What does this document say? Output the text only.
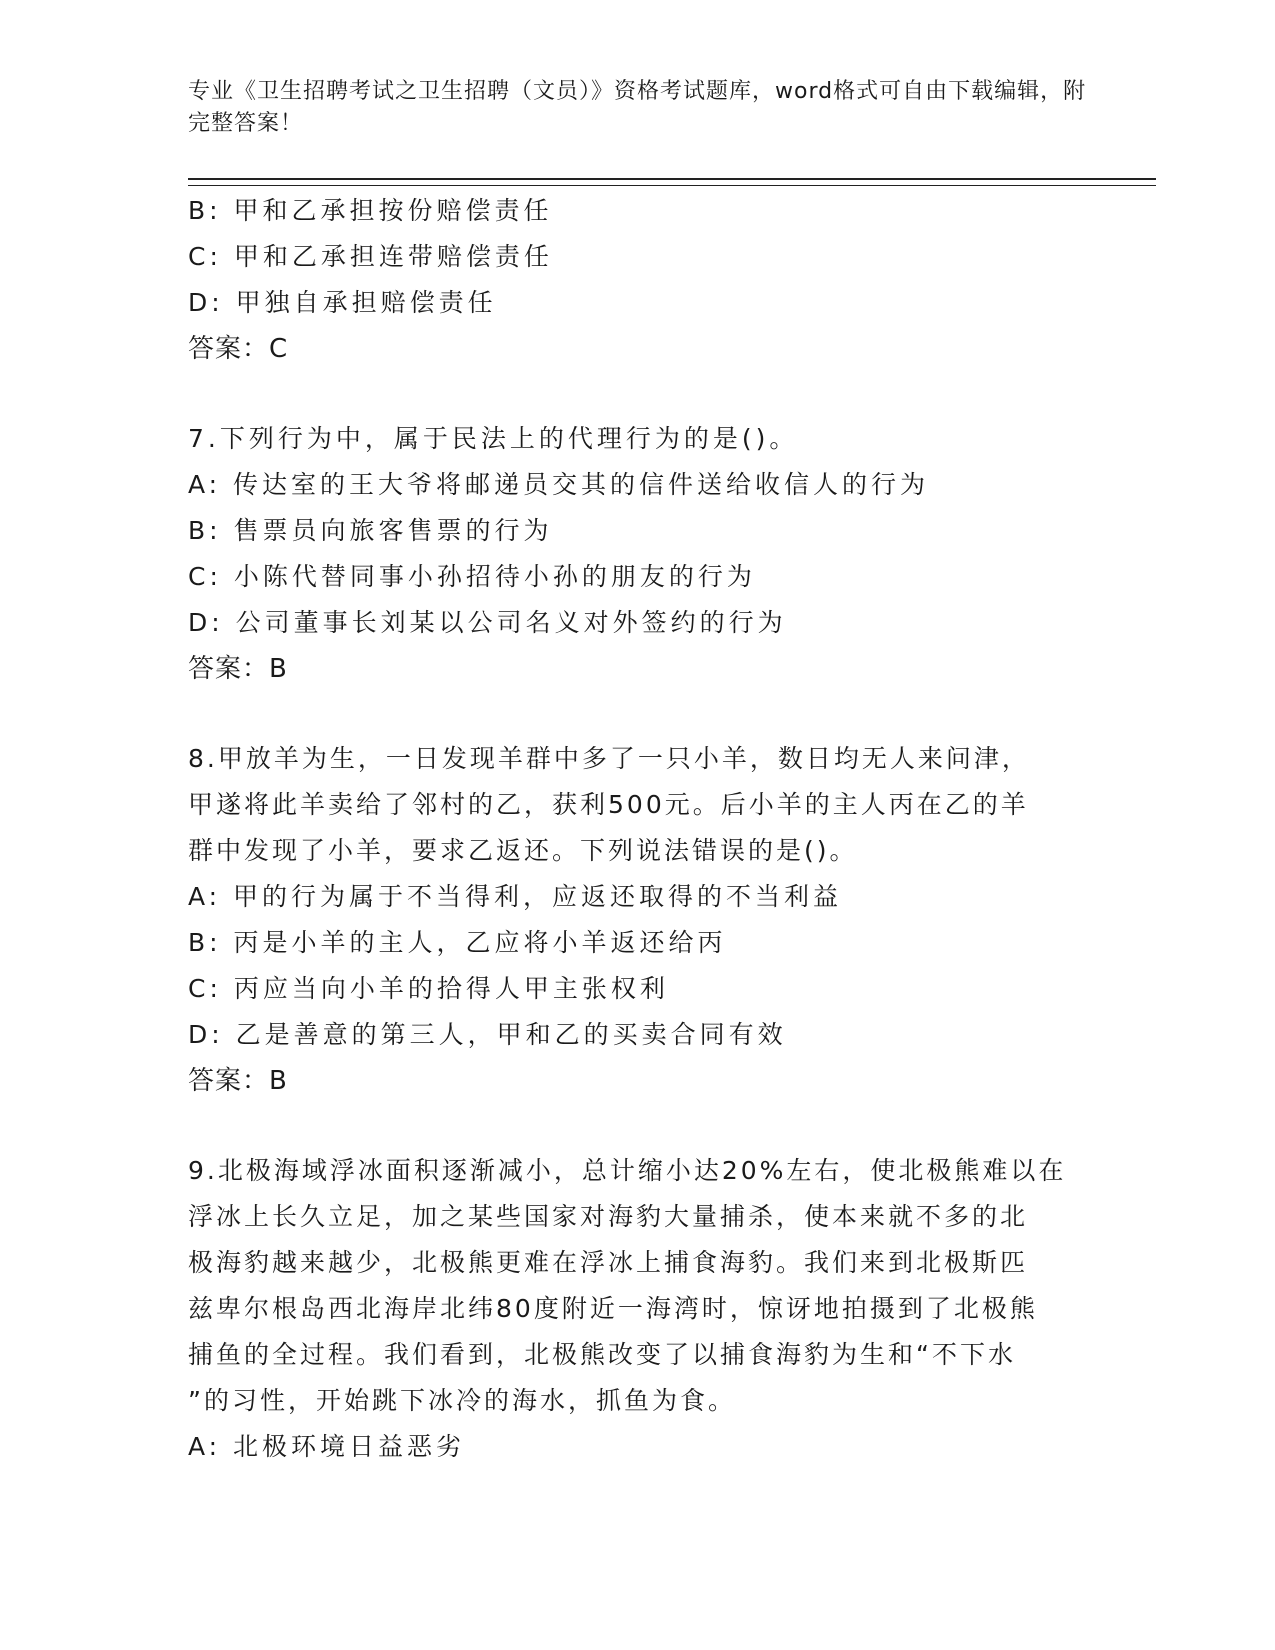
专业《卫生招聘考试之卫生招聘（文员）》资格考试题库，word格式可自由下载编辑，附完整答案！
B: 甲和乙承担按份赔偿责任
C: 甲和乙承担连带赔偿责任
D: 甲独自承担赔偿责任
答案：C
7.下列行为中，属于民法上的代理行为的是()。
A: 传达室的王大爷将邮递员交其的信件送给收信人的行为
B: 售票员向旅客售票的行为
C: 小陈代替同事小孙招待小孙的朋友的行为
D: 公司董事长刘某以公司名义对外签约的行为
答案：B
8.甲放羊为生，一日发现羊群中多了一只小羊，数日均无人来问津，
甲遂将此羊卖给了邻村的乙，获利500元。后小羊的主人丙在乙的羊
群中发现了小羊，要求乙返还。下列说法错误的是()。
A: 甲的行为属于不当得利，应返还取得的不当利益
B: 丙是小羊的主人，乙应将小羊返还给丙
C: 丙应当向小羊的拾得人甲主张权利
D: 乙是善意的第三人，甲和乙的买卖合同有效
答案：B
9.北极海域浮冰面积逐渐减小，总计缩小达20%左右，使北极熊难以在
浮冰上长久立足，加之某些国家对海豹大量捕杀，使本来就不多的北
极海豹越来越少，北极熊更难在浮冰上捕食海豹。我们来到北极斯匹
兹卑尔根岛西北海岸北纬80度附近一海湾时，惊讶地拍摄到了北极熊
捕鱼的全过程。我们看到，北极熊改变了以捕食海豹为生和“不下水
”的习性，开始跳下冰冷的海水，抓鱼为食。
A: 北极环境日益恶劣
